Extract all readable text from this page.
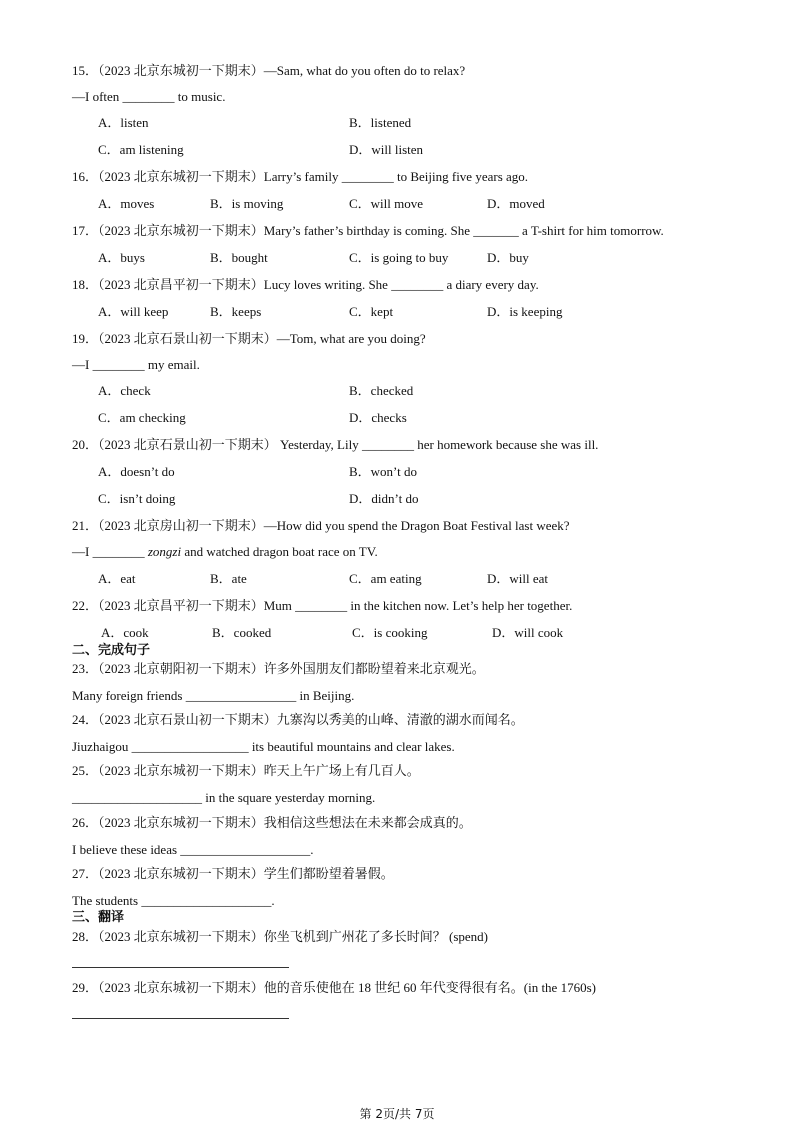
15．（2023 北京东城初一下期末）—Sam, what do you often do to relax?
—I often ________ to music.
A．listen	B．listened
C．am listening	D．will listen
16．（2023 北京东城初一下期末）Larry’s family ________ to Beijing five years ago.
A．moves	B．is moving	C．will move	D．moved
17．（2023 北京东城初一下期末）Mary’s father’s birthday is coming. She _______ a T-shirt for him tomorrow.
A．buys	B．bought	C．is going to buy	D．buy
18．（2023 北京昌平初一下期末）Lucy loves writing. She ________ a diary every day.
A．will keep	B．keeps	C．kept	D．is keeping
19．（2023 北京石景山初一下期末）—Tom, what are you doing?
—I ________ my email.
A．check	B．checked
C．am checking	D．checks
20．（2023 北京石景山初一下期末） Yesterday, Lily ________ her homework because she was ill.
A．doesn’t do	B．won’t do
C．isn’t doing	D．didn’t do
21．（2023 北京房山初一下期末）—How did you spend the Dragon Boat Festival last week?
—I ________ zongzi and watched dragon boat race on TV.
A．eat	B．ate	C．am eating	D．will eat
22．（2023 北京昌平初一下期末）Mum ________ in the kitchen now. Let’s help her together.
A．cook	B．cooked	C．is cooking	D．will cook
二、完成句子
23．（2023 北京朝阳初一下期末）许多外国朋友们都盼望着来北京观光。
Many foreign friends _________________ in Beijing.
24．（2023 北京石景山初一下期末）九寨沟以秀美的山峰、清澈的湖水而闻名。
Jiuzhaigou __________________ its beautiful mountains and clear lakes.
25．（2023 北京东城初一下期末）昨天上午广场上有几百人。
____________________ in the square yesterday morning.
26．（2023 北京东城初一下期末）我相信这些想法在未来都会成真的。
I believe these ideas ____________________.
27．（2023 北京东城初一下期末）学生们都盼望着暑假。
The students ____________________.
三、翻译
28．（2023 北京东城初一下期末）你坐飞机到广州花了多长时间？ (spend)
29．（2023 北京东城初一下期末）他的音乐使他在 18 世纪 60 年代变得很有名。(in the 1760s)
第 2页/共 7页
